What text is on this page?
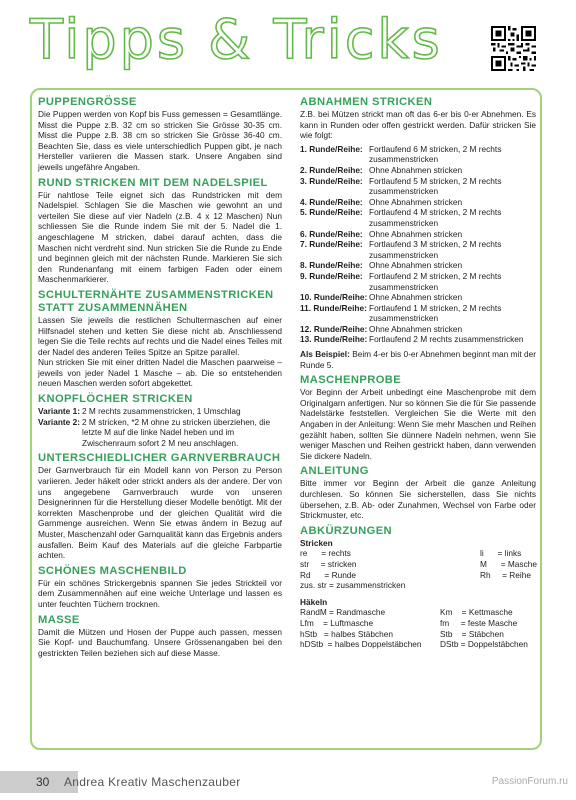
Tipps & Tricks
PUPPENGRÖSSE

Die Puppen werden von Kopf bis Fuss gemessen = Gesamtlänge. Misst die Puppe z.B. 32 cm so stricken Sie Grösse 30-35 cm. Misst die Puppe z.B. 38 cm so stricken Sie Grösse 36-40 cm. Beachten Sie, dass es viele unterschiedlich Puppen gibt, je nach Hersteller variieren die Massen stark. Unsere Angaben sind jeweils ungefähre Angaben.

RUND STRICKEN MIT DEM NADELSPIEL

Für nahtlose Teile eignet sich das Rundstricken mit dem Nadelspiel. Schlagen Sie die Maschen wie gewohnt an und verteilen Sie diese auf vier Nadeln (z.B. 4 x 12 Maschen) Nun schliessen Sie die Runde indem Sie mit der 5. Nadel die 1. angeschlagene M stricken, dabei darauf achten, dass die Maschen nicht verdreht sind. Nun stricken Sie die Runde zu Ende und beginnen gleich mit der nächsten Runde. Markieren Sie sich den Rundenanfang mit einem farbigen Faden oder einem Maschenmarkierer.

SCHULTERNÄHTE ZUSAMMENSTRICKEN STATT ZUSAMMENNÄHEN

Lassen Sie jeweils die restlichen Schultermaschen auf einer Hilfsnadel stehen und ketten Sie diese nicht ab. Anschliessend legen Sie die Teile rechts auf rechts und die Nadel eines Teiles mit der Nadel des anderen Teiles Spitze an Spitze parallel.

Nun stricken Sie mit einer dritten Nadel die Maschen paarweise – jeweils von jeder Nadel 1 Masche – ab. Die so entstehenden neuen Maschen werden sofort abgekettet.

KNOPFLÖCHER STRICKEN
Variante 1: 2 M rechts zusammenstricken, 1 Umschlag
Variante 2: 2 M stricken, *2 M ohne zu stricken überziehen, die letzte M auf die linke Nadel heben und im Zwischenraum sofort 2 M neu anschlagen.
UNTERSCHIEDLICHER GARNVERBRAUCH

Der Garnverbrauch für ein Modell kann von Person zu Person variieren. Jeder häkelt oder strickt anders als der andere. Der von uns angegebene Garnverbrauch wurde von unseren Designerinnen für die Herstellung dieser Modelle benötigt. Mit der korrekten Maschenprobe und der gleichen Qualität wird die Garnmenge ausreichen. Wenn Sie etwas ändern in Bezug auf Muster, Maschenzahl oder Garnqualität kann das Ergebnis anders ausfallen. Beim Kauf des Materials auf die gleiche Farbpartie achten.

SCHÖNES MASCHENBILD

Für ein schönes Strickergebnis spannen Sie jedes Strickteil vor dem Zusammennähen auf eine weiche Unterlage und lassen es unter feuchten Tüchern trocknen.

MASSE

Damit die Mützen und Hosen der Puppe auch passen, messen Sie Kopf- und Bauchumfang. Unsere Grössenangaben bei den gestrickten Teilen beziehen sich auf diese Masse.

ABNAHMEN STRICKEN

Z.B. bei Mützen strickt man oft das 6-er bis 0-er Abnehmen. Es kann in Runden oder offen gestrickt werden. Dafür stricken Sie wie folgt:

1. Runde/Reihe: Fortlaufend 6 M stricken, 2 M rechts zusammenstricken
2. Runde/Reihe: Ohne Abnahmen stricken
3. Runde/Reihe: Fortlaufend 5 M stricken, 2 M rechts zusammenstricken
4. Runde/Reihe: Ohne Abnahmen stricken
5. Runde/Reihe: Fortlaufend 4 M stricken, 2 M rechts zusammenstricken
6. Runde/Reihe: Ohne Abnahmen stricken
7. Runde/Reihe: Fortlaufend 3 M stricken, 2 M rechts zusammenstricken
8. Runde/Reihe: Ohne Abnahmen stricken
9. Runde/Reihe: Fortlaufend 2 M stricken, 2 M rechts zusammenstricken
10. Runde/Reihe: Ohne Abnahmen stricken
11. Runde/Reihe: Fortlaufend 1 M stricken, 2 M rechts zusammenstricken
12. Runde/Reihe: Ohne Abnahmen stricken
13. Runde/Reihe: Fortlaufend 2 M rechts zusammenstricken

Als Beispiel: Beim 4-er bis 0-er Abnehmen beginnt man mit der Runde 5.

MASCHENPROBE

Vor Beginn der Arbeit unbedingt eine Maschenprobe mit dem Originalgarn anfertigen. Nur so können Sie die für Sie passende Nadelstärke feststellen. Vergleichen Sie die Werte mit den Angaben in der Anleitung: Wenn Sie mehr Maschen und Reihen gezählt haben, sollten Sie dünnere Nadeln nehmen, wenn Sie weniger Maschen und Reihen gestrickt haben, dann verwenden Sie dickere Nadeln.

ANLEITUNG

Bitte immer vor Beginn der Arbeit die ganze Anleitung durchlesen. So können Sie sicherstellen, dass Sie nichts übersehen, z.B. Ab- oder Zunahmen, Wechsel von Farbe oder Strickmuster, etc.

ABKÜRZUNGEN
Stricken
re      = rechts	li      = links
str     = stricken	M      = Masche
Rd      = Runde	Rh     = Reihe
zus. str = zusammenstricken
Häkeln
RandM = Randmasche	Km    = Kettmasche
Lfm    = Luftmasche	fm     = feste Masche
hStb   = halbes Stäbchen	Stb    = Stäbchen
hDStb  = halbes Doppelstäbchen	DStb = Doppelstäbchen
30 Andrea Kreativ Maschenzauber	PassionForum.ru
